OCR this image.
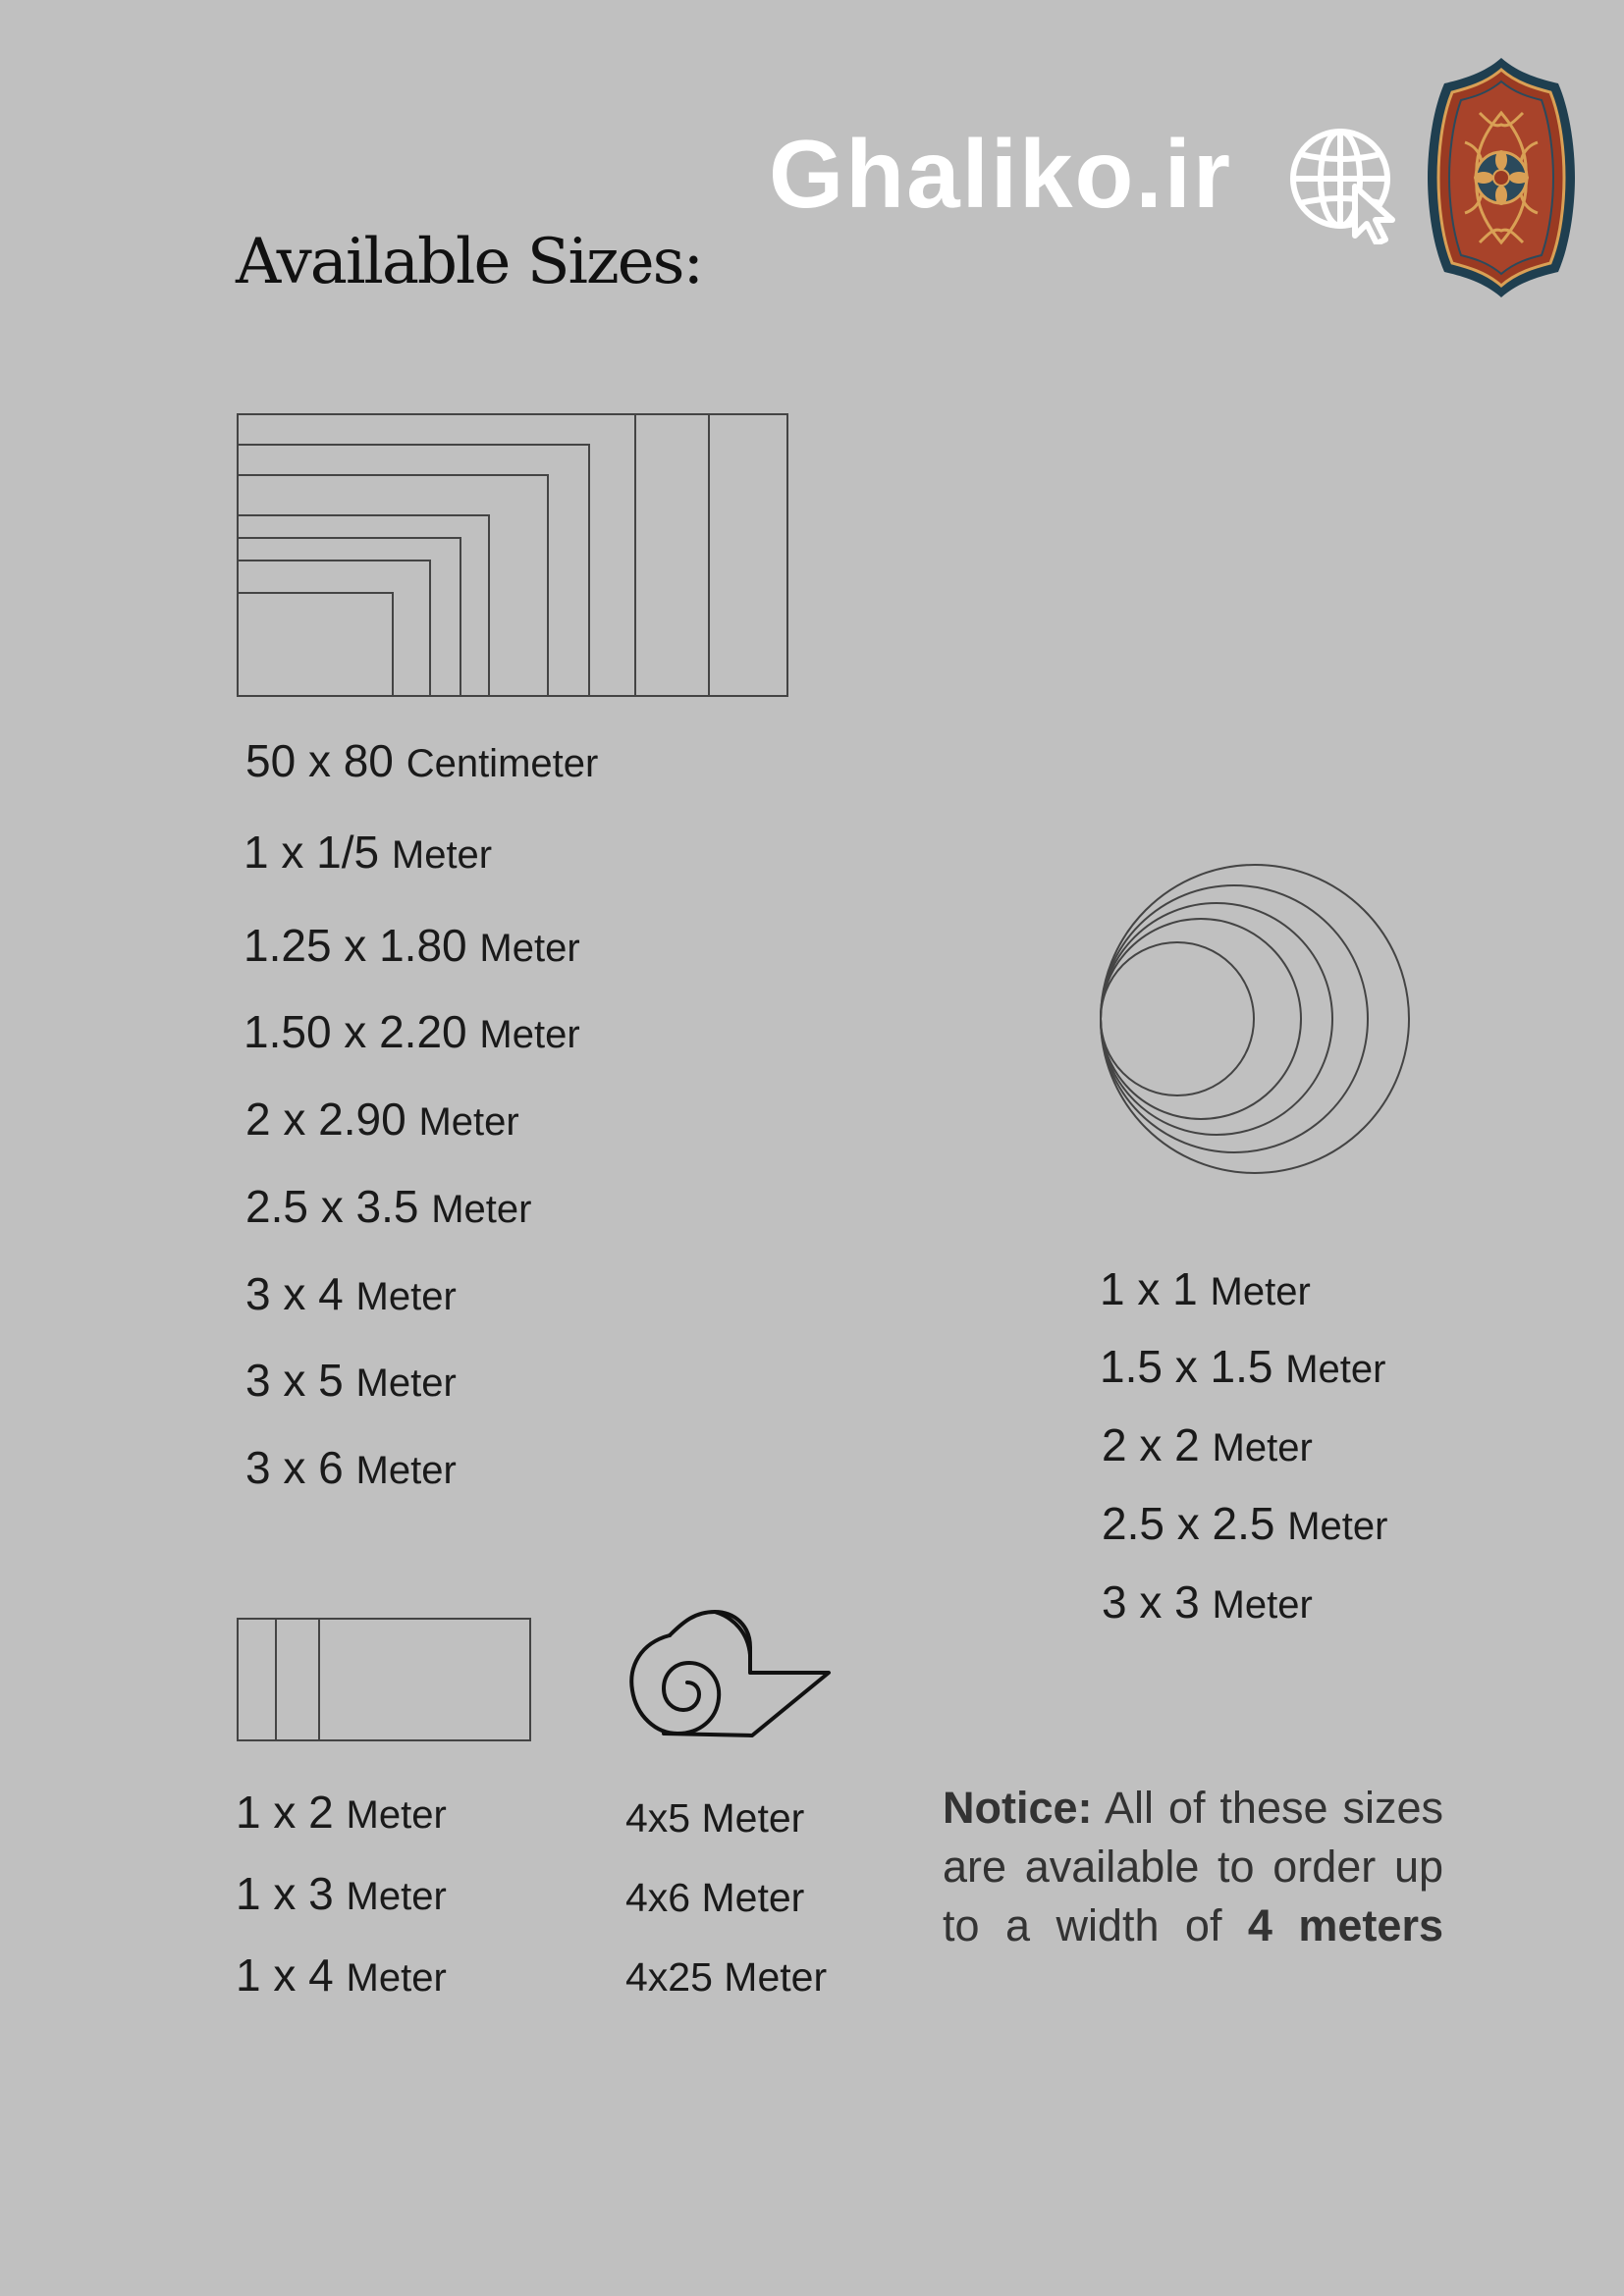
Ghaliko.ir
Available Sizes:
50 x 80 Centimeter
1 x 1/5 Meter
1.25 x 1.80 Meter
1.50 x 2.20 Meter
2 x 2.90 Meter
2.5 x 3.5 Meter
3 x 4 Meter
3 x 5 Meter
3 x 6 Meter
1 x 1 Meter
1.5 x 1.5 Meter
2 x 2 Meter
2.5 x 2.5 Meter
3 x 3 Meter
1 x 2 Meter
1 x 3 Meter
1 x 4 Meter
4x5 Meter
4x6 Meter
4x25 Meter
Notice: All of these sizes are available to order up to a width of 4 meters
